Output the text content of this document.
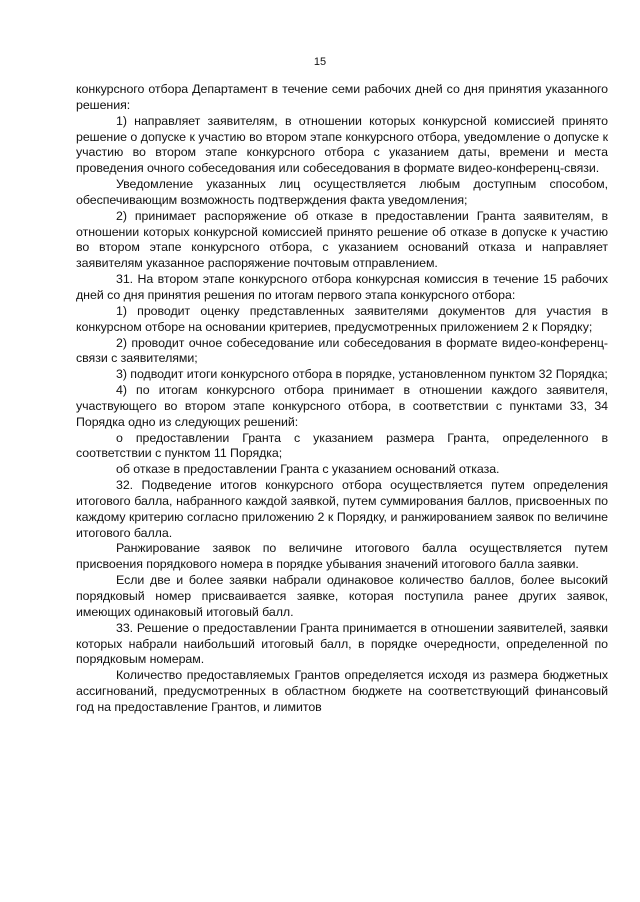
15

конкурсного отбора Департамент в течение семи рабочих дней со дня принятия указанного решения:

1) направляет заявителям, в отношении которых конкурсной комиссией принято решение о допуске к участию во втором этапе конкурсного отбора, уведомление о допуске к участию во втором этапе конкурсного отбора с указанием даты, времени и места проведения очного собеседования или собеседования в формате видео-конференц-связи.

Уведомление указанных лиц осуществляется любым доступным способом, обеспечивающим возможность подтверждения факта уведомления;

2) принимает распоряжение об отказе в предоставлении Гранта заявителям, в отношении которых конкурсной комиссией принято решение об отказе в допуске к участию во втором этапе конкурсного отбора, с указанием оснований отказа и направляет заявителям указанное распоряжение почтовым отправлением.

31. На втором этапе конкурсного отбора конкурсная комиссия в течение 15 рабочих дней со дня принятия решения по итогам первого этапа конкурсного отбора:

1) проводит оценку представленных заявителями документов для участия в конкурсном отборе на основании критериев, предусмотренных приложением 2 к Порядку;

2) проводит очное собеседование или собеседования в формате видео-конференц-связи с заявителями;

3) подводит итоги конкурсного отбора в порядке, установленном пунктом 32 Порядка;

4) по итогам конкурсного отбора принимает в отношении каждого заявителя, участвующего во втором этапе конкурсного отбора, в соответствии с пунктами 33, 34 Порядка одно из следующих решений:

о предоставлении Гранта с указанием размера Гранта, определенного в соответствии с пунктом 11 Порядка;

об отказе в предоставлении Гранта с указанием оснований отказа.

32. Подведение итогов конкурсного отбора осуществляется путем определения итогового балла, набранного каждой заявкой, путем суммирования баллов, присвоенных по каждому критерию согласно приложению 2 к Порядку, и ранжированием заявок по величине итогового балла.

Ранжирование заявок по величине итогового балла осуществляется путем присвоения порядкового номера в порядке убывания значений итогового балла заявки.

Если две и более заявки набрали одинаковое количество баллов, более высокий порядковый номер присваивается заявке, которая поступила ранее других заявок, имеющих одинаковый итоговый балл.

33. Решение о предоставлении Гранта принимается в отношении заявителей, заявки которых набрали наибольший итоговый балл, в порядке очередности, определенной по порядковым номерам.

Количество предоставляемых Грантов определяется исходя из размера бюджетных ассигнований, предусмотренных в областном бюджете на соответствующий финансовый год на предоставление Грантов, и лимитов
